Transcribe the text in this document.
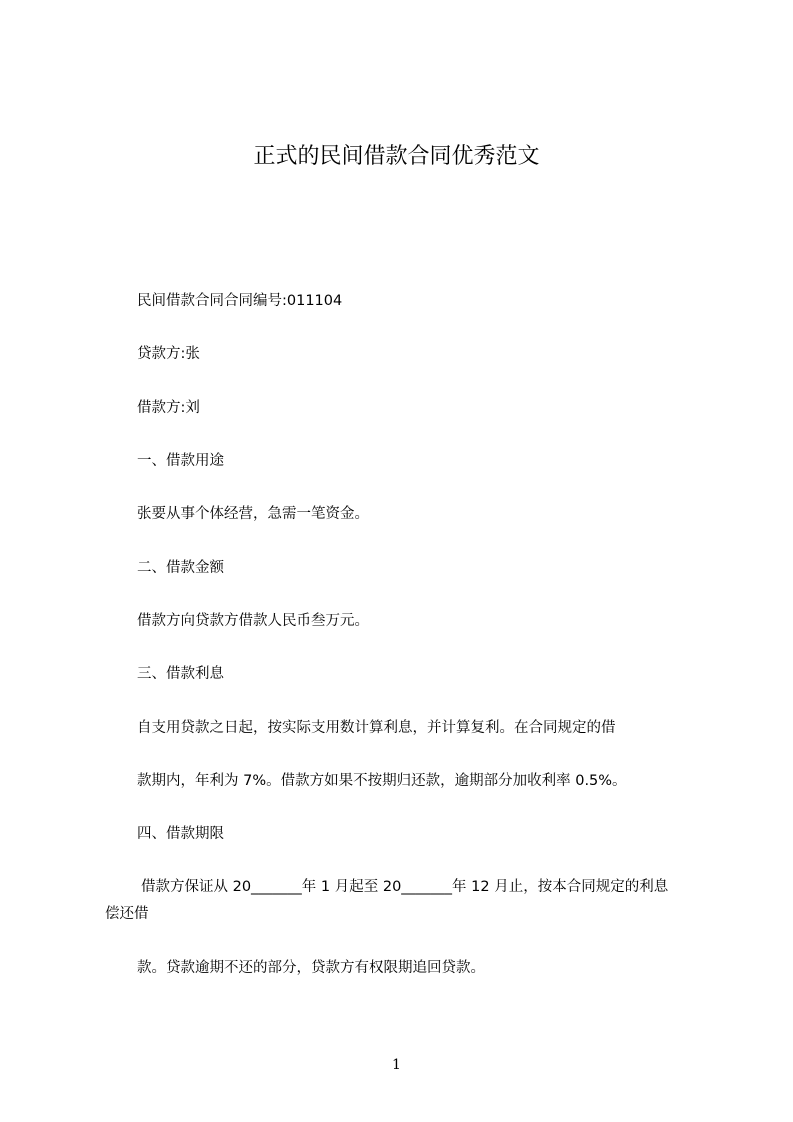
正式的民间借款合同优秀范文

民间借款合同合同编号:011104

贷款方:张

借款方:刘

一、借款用途

张要从事个体经营，急需一笔资金。

二、借款金额

借款方向贷款方借款人民币叁万元。

三、借款利息

自支用贷款之日起，按实际支用数计算利息，并计算复利。在合同规定的借

款期内，年利为 7%。借款方如果不按期归还款，逾期部分加收利率 0.5%。

四、借款期限

借款方保证从 20_______年 1 月起至 20_______年 12 月止，按本合同规定的利息

偿还借

款。贷款逾期不还的部分，贷款方有权限期追回贷款。

1
